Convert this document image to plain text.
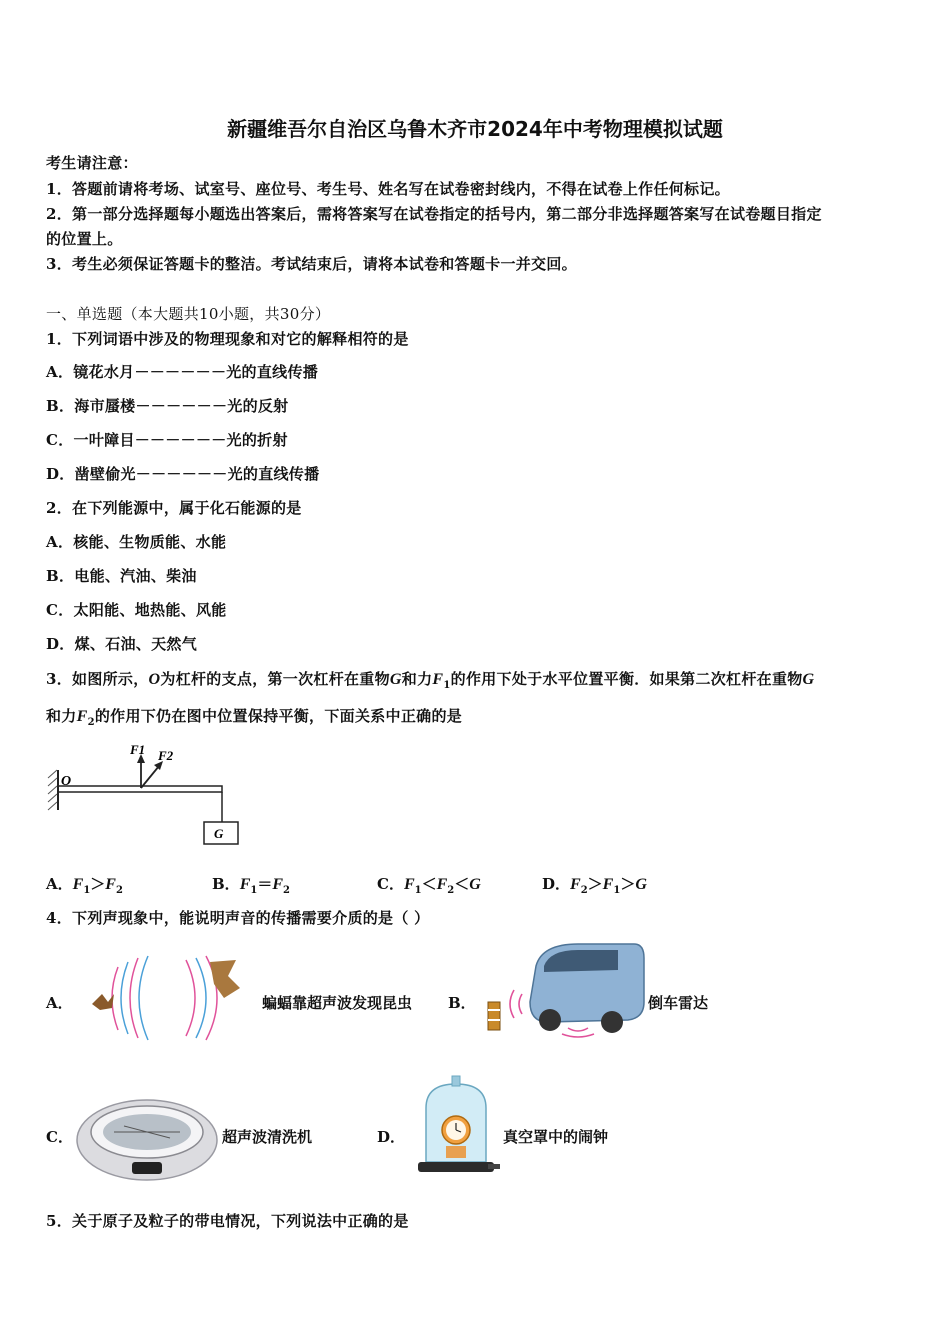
新疆维吾尔自治区乌鲁木齐市2024年中考物理模拟试题
考生请注意：
1．答题前请将考场、试室号、座位号、考生号、姓名写在试卷密封线内，不得在试卷上作任何标记。
2．第一部分选择题每小题选出答案后，需将答案写在试卷指定的括号内，第二部分非选择题答案写在试卷题目指定
的位置上。
3．考生必须保证答题卡的整洁。考试结束后，请将本试卷和答题卡一并交回。
一、单选题（本大题共10小题，共30分）
1．下列词语中涉及的物理现象和对它的解释相符的是
A．镜花水月－－－－－－光的直线传播
B．海市蜃楼－－－－－－光的反射
C．一叶障目－－－－－－光的折射
D．凿壁偷光－－－－－－光的直线传播
2．在下列能源中，属于化石能源的是
A．核能、生物质能、水能
B．电能、汽油、柴油
C．太阳能、地热能、风能
D．煤、石油、天然气
3．如图所示，O为杠杆的支点，第一次杠杆在重物G和力$F_1$的作用下处于水平位置平衡．如果第二次杠杆在重物G
和力$F_2$的作用下仍在图中位置保持平衡，下面关系中正确的是
G
O
F1 F2
A．$F_1>F_2$	B．$F_1=F_2$	C．$F_1<F_2<G$	D．$F_2>F_1>G$
4．下列声现象中，能说明声音的传播需要介质的是（ ）
A．	蝙蝠靠超声波发现昆虫 B．	倒车雷达
C．	超声波清洗机	D．	真空罩中的闹钟
5．关于原子及粒子的带电情况，下列说法中正确的是
